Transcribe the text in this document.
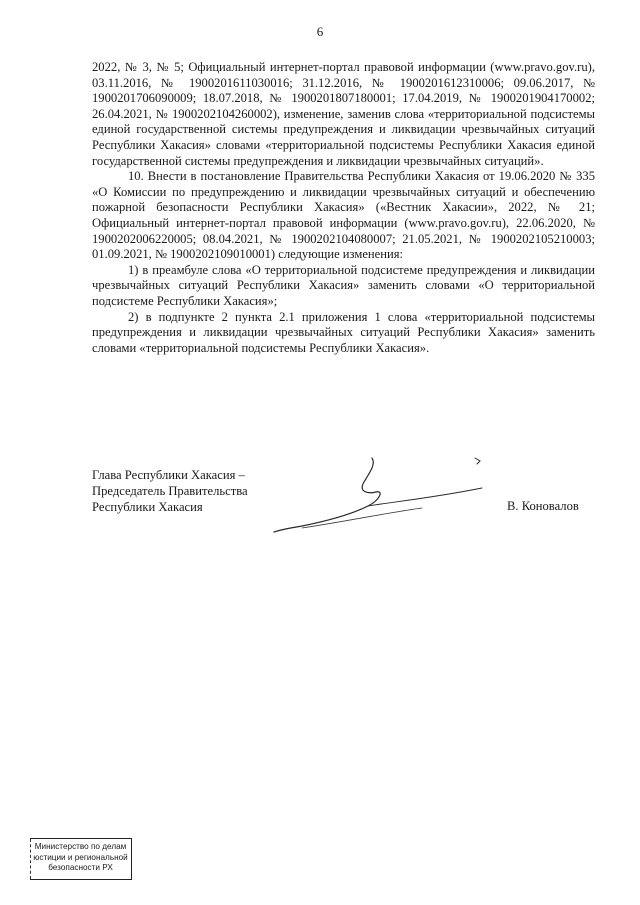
6

2022, № 3, № 5; Официальный интернет-портал правовой информации (www.pravo.gov.ru), 03.11.2016, № 1900201611030016; 31.12.2016, № 1900201612310006; 09.06.2017, № 1900201706090009; 18.07.2018, № 1900201807180001; 17.04.2019, № 1900201904170002; 26.04.2021, № 1900202104260002), изменение, заменив слова «территориальной подсистемы единой государственной системы предупреждения и ликвидации чрезвычайных ситуаций Республики Хакасия» словами «территориальной подсистемы Республики Хакасия единой государственной системы предупреждения и ликвидации чрезвычайных ситуаций».

10. Внести в постановление Правительства Республики Хакасия от 19.06.2020 № 335 «О Комиссии по предупреждению и ликвидации чрезвычайных ситуаций и обеспечению пожарной безопасности Республики Хакасия» («Вестник Хакасии», 2022, № 21; Официальный интернет-портал правовой информации (www.pravo.gov.ru), 22.06.2020, № 1900202006220005; 08.04.2021, № 1900202104080007; 21.05.2021, № 1900202105210003; 01.09.2021, № 1900202109010001) следующие изменения:

1) в преамбуле слова «О территориальной подсистеме предупреждения и ликвидации чрезвычайных ситуаций Республики Хакасия» заменить словами «О территориальной подсистеме Республики Хакасия»;

2) в подпункте 2 пункта 2.1 приложения 1 слова «территориальной подсистемы предупреждения и ликвидации чрезвычайных ситуаций Республики Хакасия» заменить словами «территориальной подсистемы Республики Хакасия».

Глава Республики Хакасия –
Председатель Правительства
Республики Хакасия	В. Коновалов
Министерство по делам
юстиции и региональной
безопасности РХ
